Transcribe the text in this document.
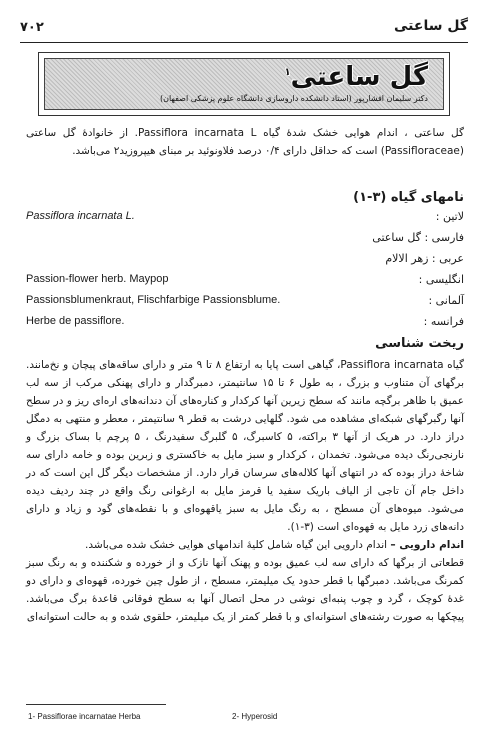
۷۰۲	گل ساعتی
گل ساعتی$^۱$
دکتر سلیمان افشارپور (استاد دانشکده داروسازی دانشگاه علوم پزشکی اصفهان)
گل ساعتی ، اندام هوایی خشک شدهٔ گیاه Passiflora incarnata L. از خانوادهٔ گل ساعتی (Passifloraceae) است که حداقل دارای ۰/۴ درصد فلاونوئید بر مبنای هیپروزید۲ می‌باشد.
نامهای گیاه (۳-۱)
لاتین :
Passiflora incarnata L.
فارسی : گل ساعتی
عربی : زهر الالام
انگلیسی :
Passion-flower herb. Maypop
آلمانی :
Passionsblumenkraut, Flischfarbige Passionsblume.
فرانسه :
Herbe de passiflore.
ریخت شناسی
گیاه Passiflora incarnata، گیاهی است پایا به ارتفاع ۸ تا ۹ متر و دارای ساقه‌های پیچان و نخ‌مانند. برگهای آن متناوب و بزرگ ، به طول ۶ تا ۱۵ سانتیمتر، دمبرگدار و دارای پهنکی مرکب از سه لب عمیق با ظاهر برگچه مانند که سطح زیرین آنها کرکدار و کناره‌های آن دندانه‌های اره‌ای ریز و در سطح آنها رگبرگهای شبکه‌ای مشاهده می شود. گلهایی درشت به قطر ۹ سانتیمتر ، معطر و منتهی به دمگل دراز دارد. در هریک از آنها ۳ براکته، ۵ کاسبرگ، ۵ گلبرگ سفیدرنگ ، ۵ پرچم با بساک بزرگ و نارنجی‌رنگ دیده می‌شود. تخمدان ، کرکدار و سبز مایل به خاکستری و زبرین بوده و خامه دارای سه شاخهٔ دراز بوده که در انتهای آنها کلاله‌های سرسان قرار دارد. از مشخصات دیگر گل این است که در داخل جام آن تاجی از الیاف باریک سفید یا قرمز مایل به ارغوانی رنگ واقع در چند ردیف دیده می‌شود. میوه‌های آن مسطح ، به رنگ مایل به سبز یاقهوه‌ای و با نقطه‌های گود و زیاد و دارای دانه‌های زرد مایل به قهوه‌ای است (۳-۱).
اندام دارویی – اندام دارویی این گیاه شامل کلیهٔ اندامهای هوایی خشک شده می‌باشد.
قطعاتی از برگها که دارای سه لب عمیق بوده و پهنک آنها نازک و از خورده و شکننده و به رنگ سبز کمرنگ می‌باشد. دمبرگها با قطر حدود یک میلیمتر، مسطح ، از طول چین خورده، قهوه‌ای و دارای دو غدهٔ کوچک ، گرد و چوب پنبه‌ای نوشی در محل اتصال آنها به سطح فوقانی قاعدهٔ برگ می‌باشد. پیچکها به صورت رشته‌های استوانه‌ای و با قطر کمتر از یک میلیمتر، حلقوی شده و به حالت استوانه‌ای
1- Passiflorae incarnatae Herba	2- Hyperosid
